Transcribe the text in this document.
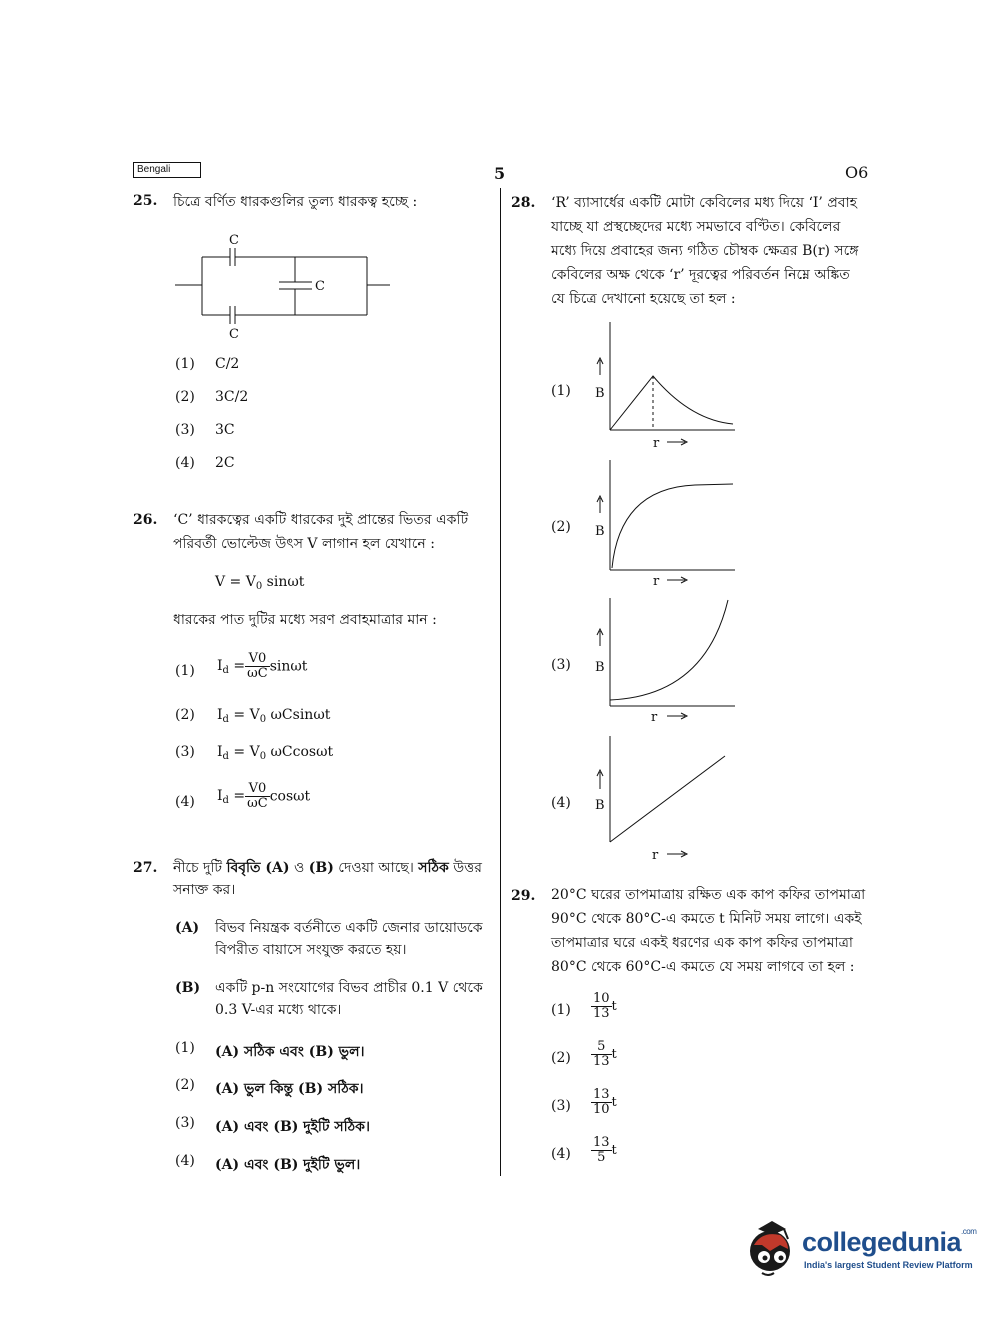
Bengali	5	O6
25. চিত্রে বর্ণিত ধারকগুলির তুল্য ধারকত্ব হচ্ছে :
C
C
C
(1) C/2
(2) 3C/2
(3) 3C
(4) 2C
26. ‘C’ ধারকত্বের একটি ধারকের দুই প্রান্তের ভিতর একটি
পরিবর্তী ভোল্টেজ উৎস V লাগান হল যেখানে :
$V = V_0$ sinωt
ধারকের পাত দুটির মধ্যে সরণ প্রবাহমাত্রার মান :
(1) $I_d = \frac{V0}{\omega C}$ sinωt
(2) $I_d = V_0$ ωCsinωt
(3) $I_d = V_0$ ωCcosωt
(4) $I_d = \frac{V0}{\omega C}$ cosωt
27. নীচে দুটি বিবৃতি (A) ও (B) দেওয়া আছে। সঠিক উত্তর
সনাক্ত কর।
(A) বিভব নিয়ন্ত্রক বর্তনীতে একটি জেনার ডায়োডকে
বিপরীত বায়াসে সংযুক্ত করতে হয়।
(B) একটি p-n সংযোগের বিভব প্রাচীর 0.1 V থেকে
0.3 V-এর মধ্যে থাকে।
(1) (A) সঠিক এবং (B) ভুল।
(2) (A) ভুল কিন্তু (B) সঠিক।
(3) (A) এবং (B) দুইটি সঠিক।
(4) (A) এবং (B) দুইটি ভুল।
28. ‘R’ ব্যাসার্ধের একটি মোটা কেবিলের মধ্য দিয়ে ‘I’ প্রবাহ
যাচ্ছে যা প্রস্থচ্ছেদের মধ্যে সমভাবে বণ্টিত। কেবিলের
মধ্যে দিয়ে প্রবাহের জন্য গঠিত চৌম্বক ক্ষেত্রর B(r) সঙ্গে
কেবিলের অক্ষ থেকে ‘r’ দূরত্বের পরিবর্তন নিম্নে অঙ্কিত
যে চিত্রে দেখানো হয়েছে তা হল :
(1) B
r
(2) B
r
(3) B
r
(4) B
r
29. 20°C ঘরের তাপমাত্রায় রক্ষিত এক কাপ কফির তাপমাত্রা
90°C থেকে 80°C-এ কমতে t মিনিট সময় লাগে। একই
তাপমাত্রার ঘরে একই ধরণের এক কাপ কফির তাপমাত্রা
80°C থেকে 60°C-এ কমতে যে সময় লাগবে তা হল :
$(1) \frac{10}{13}$ t
$(2) \frac{5}{13}$ t
$(3) \frac{13}{10}$ t
$(4) \frac{13}{5}$ t
collegedunia$^{.com}$
India's largest Student Review Platform
